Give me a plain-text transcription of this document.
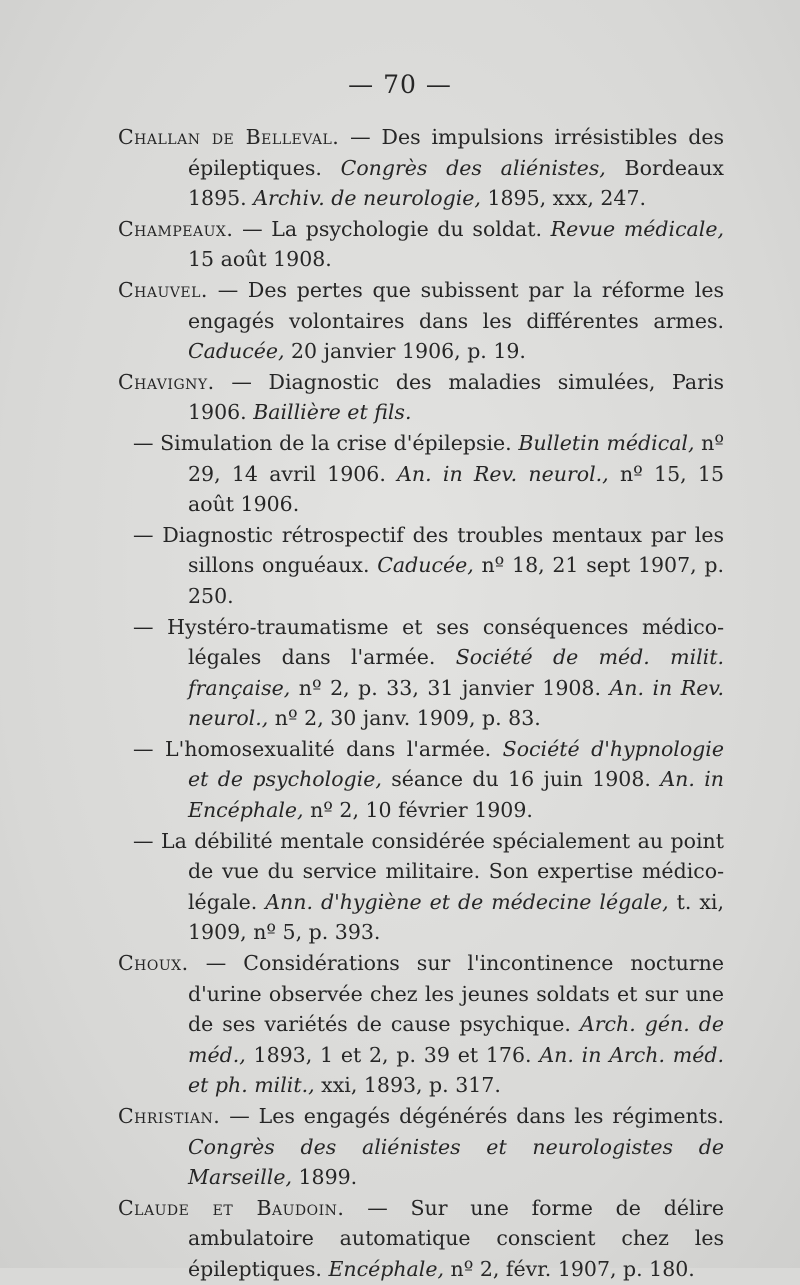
— 70 —
Challan de Belleval. — Des impulsions irrésistibles des épileptiques. Congrès des aliénistes, Bordeaux 1895. Archiv. de neurologie, 1895, xxx, 247.
Champeaux. — La psychologie du soldat. Revue médicale, 15 août 1908.
Chauvel. — Des pertes que subissent par la réforme les engagés volontaires dans les différentes armes. Caducée, 20 janvier 1906, p. 19.
Chavigny. — Diagnostic des maladies simulées, Paris 1906. Baillière et fils.
— Simulation de la crise d'épilepsie. Bulletin médical, nº 29, 14 avril 1906. An. in Rev. neurol., nº 15, 15 août 1906.
— Diagnostic rétrospectif des troubles mentaux par les sillons onguéaux. Caducée, nº 18, 21 sept 1907, p. 250.
— Hystéro-traumatisme et ses conséquences médico-légales dans l'armée. Société de méd. milit. française, nº 2, p. 33, 31 janvier 1908. An. in Rev. neurol., nº 2, 30 janv. 1909, p. 83.
— L'homosexualité dans l'armée. Société d'hypnologie et de psychologie, séance du 16 juin 1908. An. in Encéphale, nº 2, 10 février 1909.
— La débilité mentale considérée spécialement au point de vue du service militaire. Son expertise médico-légale. Ann. d'hygiène et de médecine légale, t. xi, 1909, nº 5, p. 393.
Choux. — Considérations sur l'incontinence nocturne d'urine observée chez les jeunes soldats et sur une de ses variétés de cause psychique. Arch. gén. de méd., 1893, 1 et 2, p. 39 et 176. An. in Arch. méd. et ph. milit., xxi, 1893, p. 317.
Christian. — Les engagés dégénérés dans les régiments. Congrès des aliénistes et neurologistes de Marseille, 1899.
Claude et Baudoin. — Sur une forme de délire ambulatoire automatique conscient chez les épileptiques. Encéphale, nº 2, févr. 1907, p. 180.
